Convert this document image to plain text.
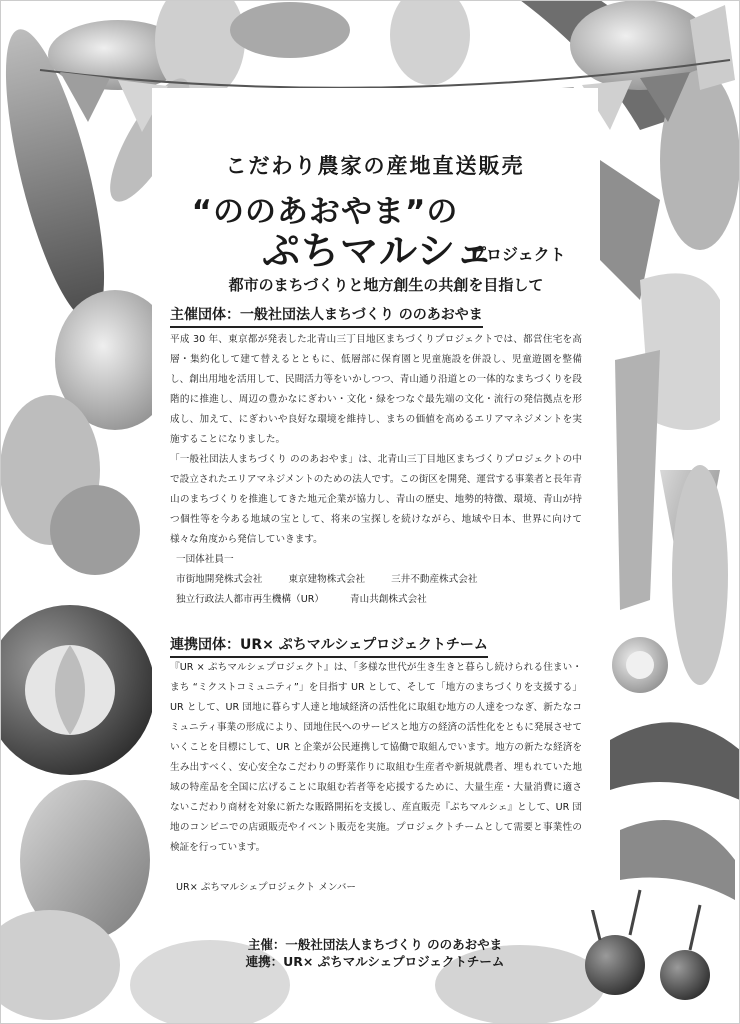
こだわり農家の産地直送販売
“ののあおやま”の
ぷちマルシェ
プロジェクト
都市のまちづくりと地方創生の共創を目指して
主催団体：一般社団法人まちづくり ののあおやま

平成 30 年、東京都が発表した北青山三丁目地区まちづくりプロジェクトでは、都営住宅を高層・集約化して建て替えるとともに、低層部に保育園と児童施設を併設し、児童遊園を整備し、創出用地を活用して、民間活力等をいかしつつ、青山通り沿道との一体的なまちづくりを段階的に推進し、周辺の豊かなにぎわい・文化・緑をつなぐ最先端の文化・流行の発信拠点を形成し、加えて、にぎわいや良好な環境を維持し、まちの価値を高めるエリアマネジメントを実施することになりました。

「一般社団法人まちづくり ののあおやま」は、北青山三丁目地区まちづくりプロジェクトの中で設立されたエリアマネジメントのための法人です。この街区を開発、運営する事業者と長年青山のまちづくりを推進してきた地元企業が協力し、青山の歴史、地勢的特徴、環境、青山が持つ個性等を今ある地域の宝として、将来の宝探しを続けながら、地域や日本、世界に向けて様々な角度から発信していきます。

一団体社員一
市街地開発株式会社	東京建物株式会社	三井不動産株式会社
独立行政法人都市再生機構（UR）	青山共創株式会社
連携団体：UR× ぷちマルシェプロジェクトチーム

『UR × ぷちマルシェプロジェクト』は、「多様な世代が生き生きと暮らし続けられる住まい・まち “ミクストコミュニティ”」を目指す UR として、そして「地方のまちづくりを支援する」UR として、UR 団地に暮らす人達と地域経済の活性化に取組む地方の人達をつなぎ、新たなコミュニティ事業の形成により、団地住民へのサービスと地方の経済の活性化をともに発展させていくことを目標にして、UR と企業が公民連携して協働で取組んでいます。地方の新たな経済を生み出すべく、安心安全なこだわりの野菜作りに取組む生産者や新規就農者、埋もれていた地域の特産品を全国に広げることに取組む若者等を応援するために、大量生産・大量消費に適さないこだわり商材を対象に新たな販路開拓を支援し、産直販売『ぷちマルシェ』として、UR 団地のコンビニでの店頭販売やイベント販売を実施。プロジェクトチームとして需要と事業性の検証を行っています。

UR× ぷちマルシェプロジェクト メンバー
主催：一般社団法人まちづくり ののあおやま
連携：UR× ぷちマルシェプロジェクトチーム
